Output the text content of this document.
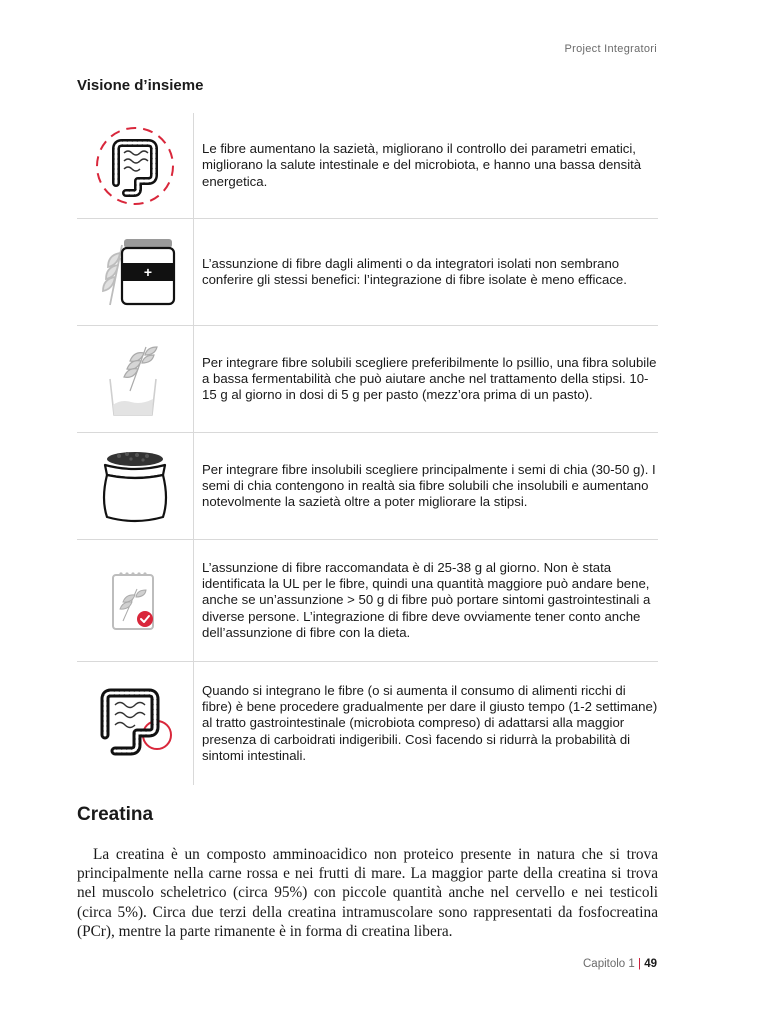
Project Integratori
Visione d’insieme
Le fibre aumentano la sazietà, migliorano il controllo dei parametri ematici, migliorano la salute intestinale e del microbiota, e hanno una bassa densità energetica.
+
L’assunzione di fibre dagli alimenti o da integratori isolati non sembrano conferire gli stessi benefici: l’integrazione di fibre isolate è meno efficace.
Per integrare fibre solubili scegliere preferibilmente lo psillio, una fibra solubile a bassa fermentabilità che può aiutare anche nel trattamento della stipsi. 10-15 g al giorno in dosi di 5 g per pasto (mezz’ora prima di un pasto).
Per integrare fibre insolubili scegliere principalmente i semi di chia (30-50 g). I semi di chia contengono in realtà sia fibre solubili che insolubili e aumentano notevolmente la sazietà oltre a poter migliorare la stipsi.
L’assunzione di fibre raccomandata è di 25-38 g al giorno. Non è stata identificata la UL per le fibre, quindi una quantità maggiore può andare bene, anche se un’assunzione > 50 g di fibre può portare sintomi gastrointestinali a diverse persone. L’integrazione di fibre deve ovviamente tener conto anche dell’assunzione di fibre con la dieta.
Quando si integrano le fibre (o si aumenta il consumo di alimenti ricchi di fibre) è bene procedere gradualmente per dare il giusto tempo (1-2 settimane) al tratto gastrointestinale (microbiota compreso) di adattarsi alla maggior presenza di carboidrati indigeribili. Così facendo si ridurrà la probabilità di sintomi intestinali.
Creatina
La creatina è un composto amminoacidico non proteico presente in natura che si trova principalmente nella carne rossa e nei frutti di mare. La maggior parte della creatina si trova nel muscolo scheletrico (circa 95%) con piccole quantità anche nel cervello e nei testicoli (circa 5%). Circa due terzi della creatina intramuscolare sono rappresentati da fosfocreatina (PCr), mentre la parte rimanente è in forma di creatina libera.
Capitolo 1 | 49
